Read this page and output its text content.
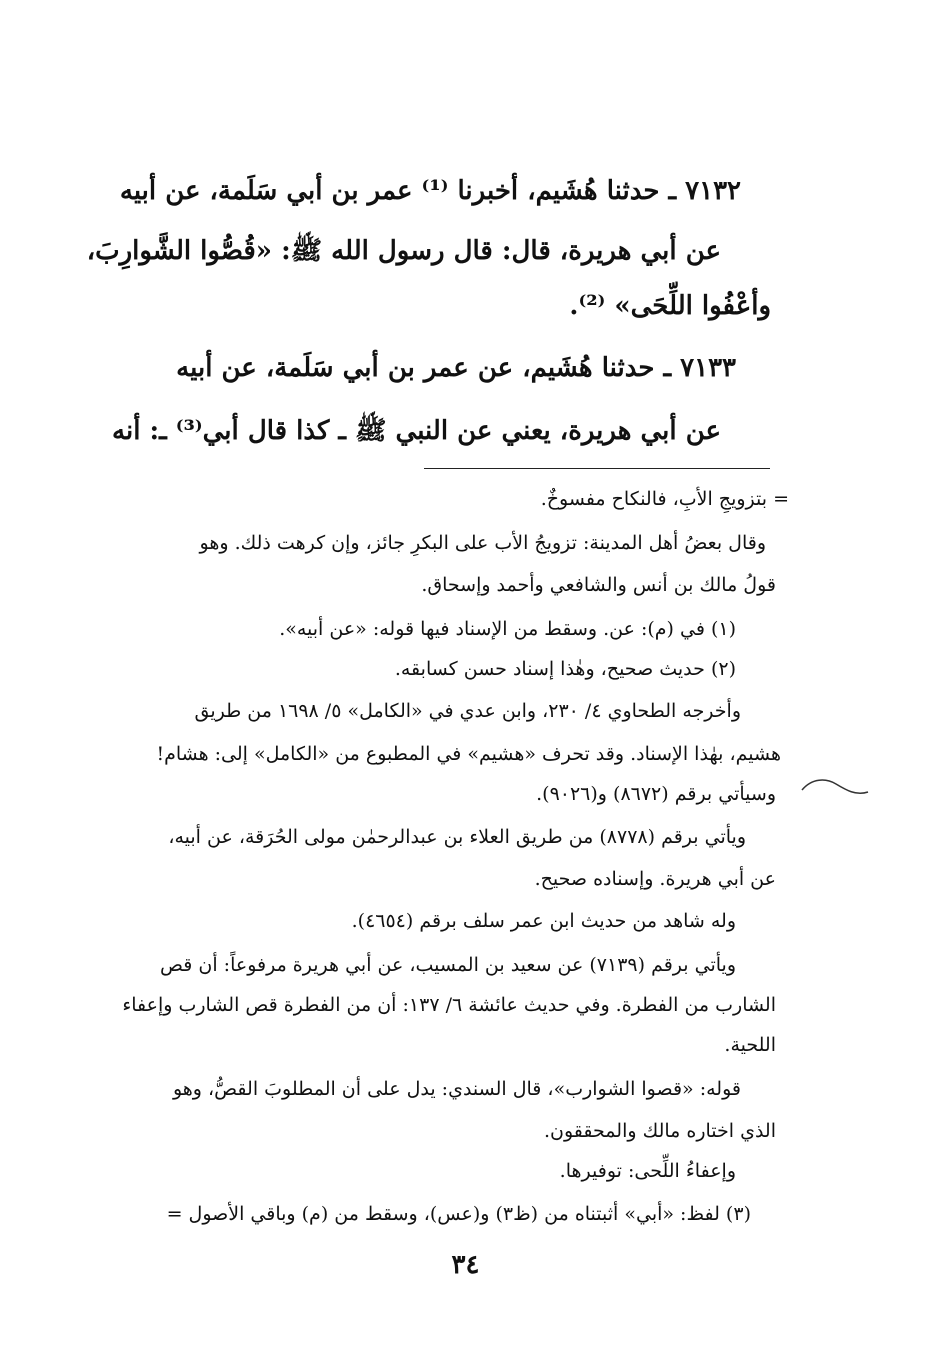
٧١٣٢ ـ حدثنا هُشَيم، أخبرنا ⁽¹⁾ عمر بن أبي سَلَمة، عن أبيه

عن أبي هريرة، قال: قال رسول الله ﷺ: «قُصُّوا الشَّوارِبَ،

وأعْفُوا اللِّحَى» ⁽²⁾.

٧١٣٣ ـ حدثنا هُشَيم، عن عمر بن أبي سَلَمة، عن أبيه

عن أبي هريرة، يعني عن النبي ﷺ ـ كذا قال أبي⁽³⁾ ـ: أنه

= بتزويجِ الأبِ، فالنكاح مفسوخٌ.

وقال بعضُ أهل المدينة: تزويجُ الأب على البكرِ جائز، وإن كرهت ذلك. وهو

قولُ مالك بن أنس والشافعي وأحمد وإسحاق.

(١) في (م): عن. وسقط من الإسناد فيها قوله: «عن أبيه».

(٢) حديث صحيح، وهٰذا إسناد حسن كسابقه.

وأخرجه الطحاوي ٤/ ٢٣٠، وابن عدي في «الكامل» ٥/ ١٦٩٨ من طريق

هشيم، بهٰذا الإسناد. وقد تحرف «هشيم» في المطبوع من «الكامل» إلى: هشام!

وسيأتي برقم (٨٦٧٢) و(٩٠٢٦).

ويأتي برقم (٨٧٧٨) من طريق العلاء بن عبدالرحمٰن مولى الحُرَقة، عن أبيه،

عن أبي هريرة. وإسناده صحيح.

وله شاهد من حديث ابن عمر سلف برقم (٤٦٥٤).

ويأتي برقم (٧١٣٩) عن سعيد بن المسيب، عن أبي هريرة مرفوعاً: أن قص

الشارب من الفطرة. وفي حديث عائشة ٦/ ١٣٧: أن من الفطرة قص الشارب وإعفاء

اللحية.

قوله: «قصوا الشوارب»، قال السندي: يدل على أن المطلوبَ القصُّ، وهو

الذي اختاره مالك والمحققون.

وإعفاءُ اللِّحى: توفيرها.

(٣) لفظ: «أبي» أثبتناه من (ظ٣) و(عس)، وسقط من (م) وباقي الأصول =

٣٤
